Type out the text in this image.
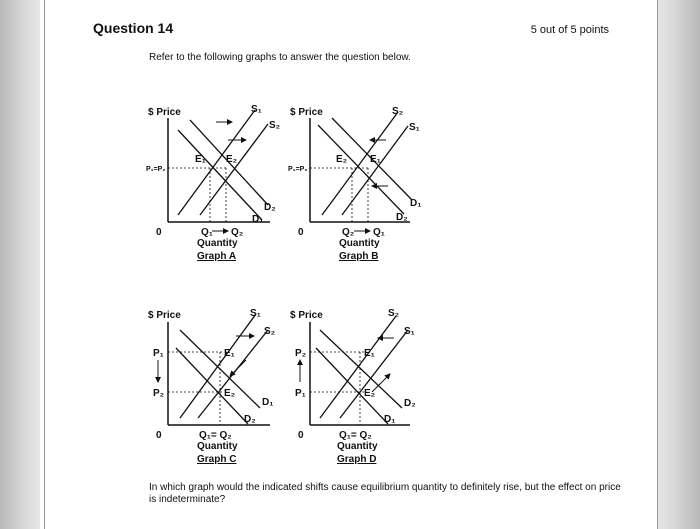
Question 14	5 out of 5 points
Refer to the following graphs to answer the question below.
In which graph would the indicated shifts cause equilibrium quantity to definitely rise, but the effect on price is indeterminate?
$ Price	S₁
S₂
D₁
D₂
E₁ E₂
P₁=P₂
0	Q₁ Q₂
Quantity
Graph A
$ Price	S₂
S₁
D₁
D₂
E₂ E₁
P₁=P₂
0	Q₂ Q₁
Quantity
Graph B
$ Price	S₁
S₂
D₁
D₂
E₁
E₂
P₁
P₂
0	Q₁= Q₂
Quantity
Graph C
$ Price	S₂
S₁
D₂
D₁
E₁
E₂
P₂
P₁
0	Q₁= Q₂
Quantity
Graph D
